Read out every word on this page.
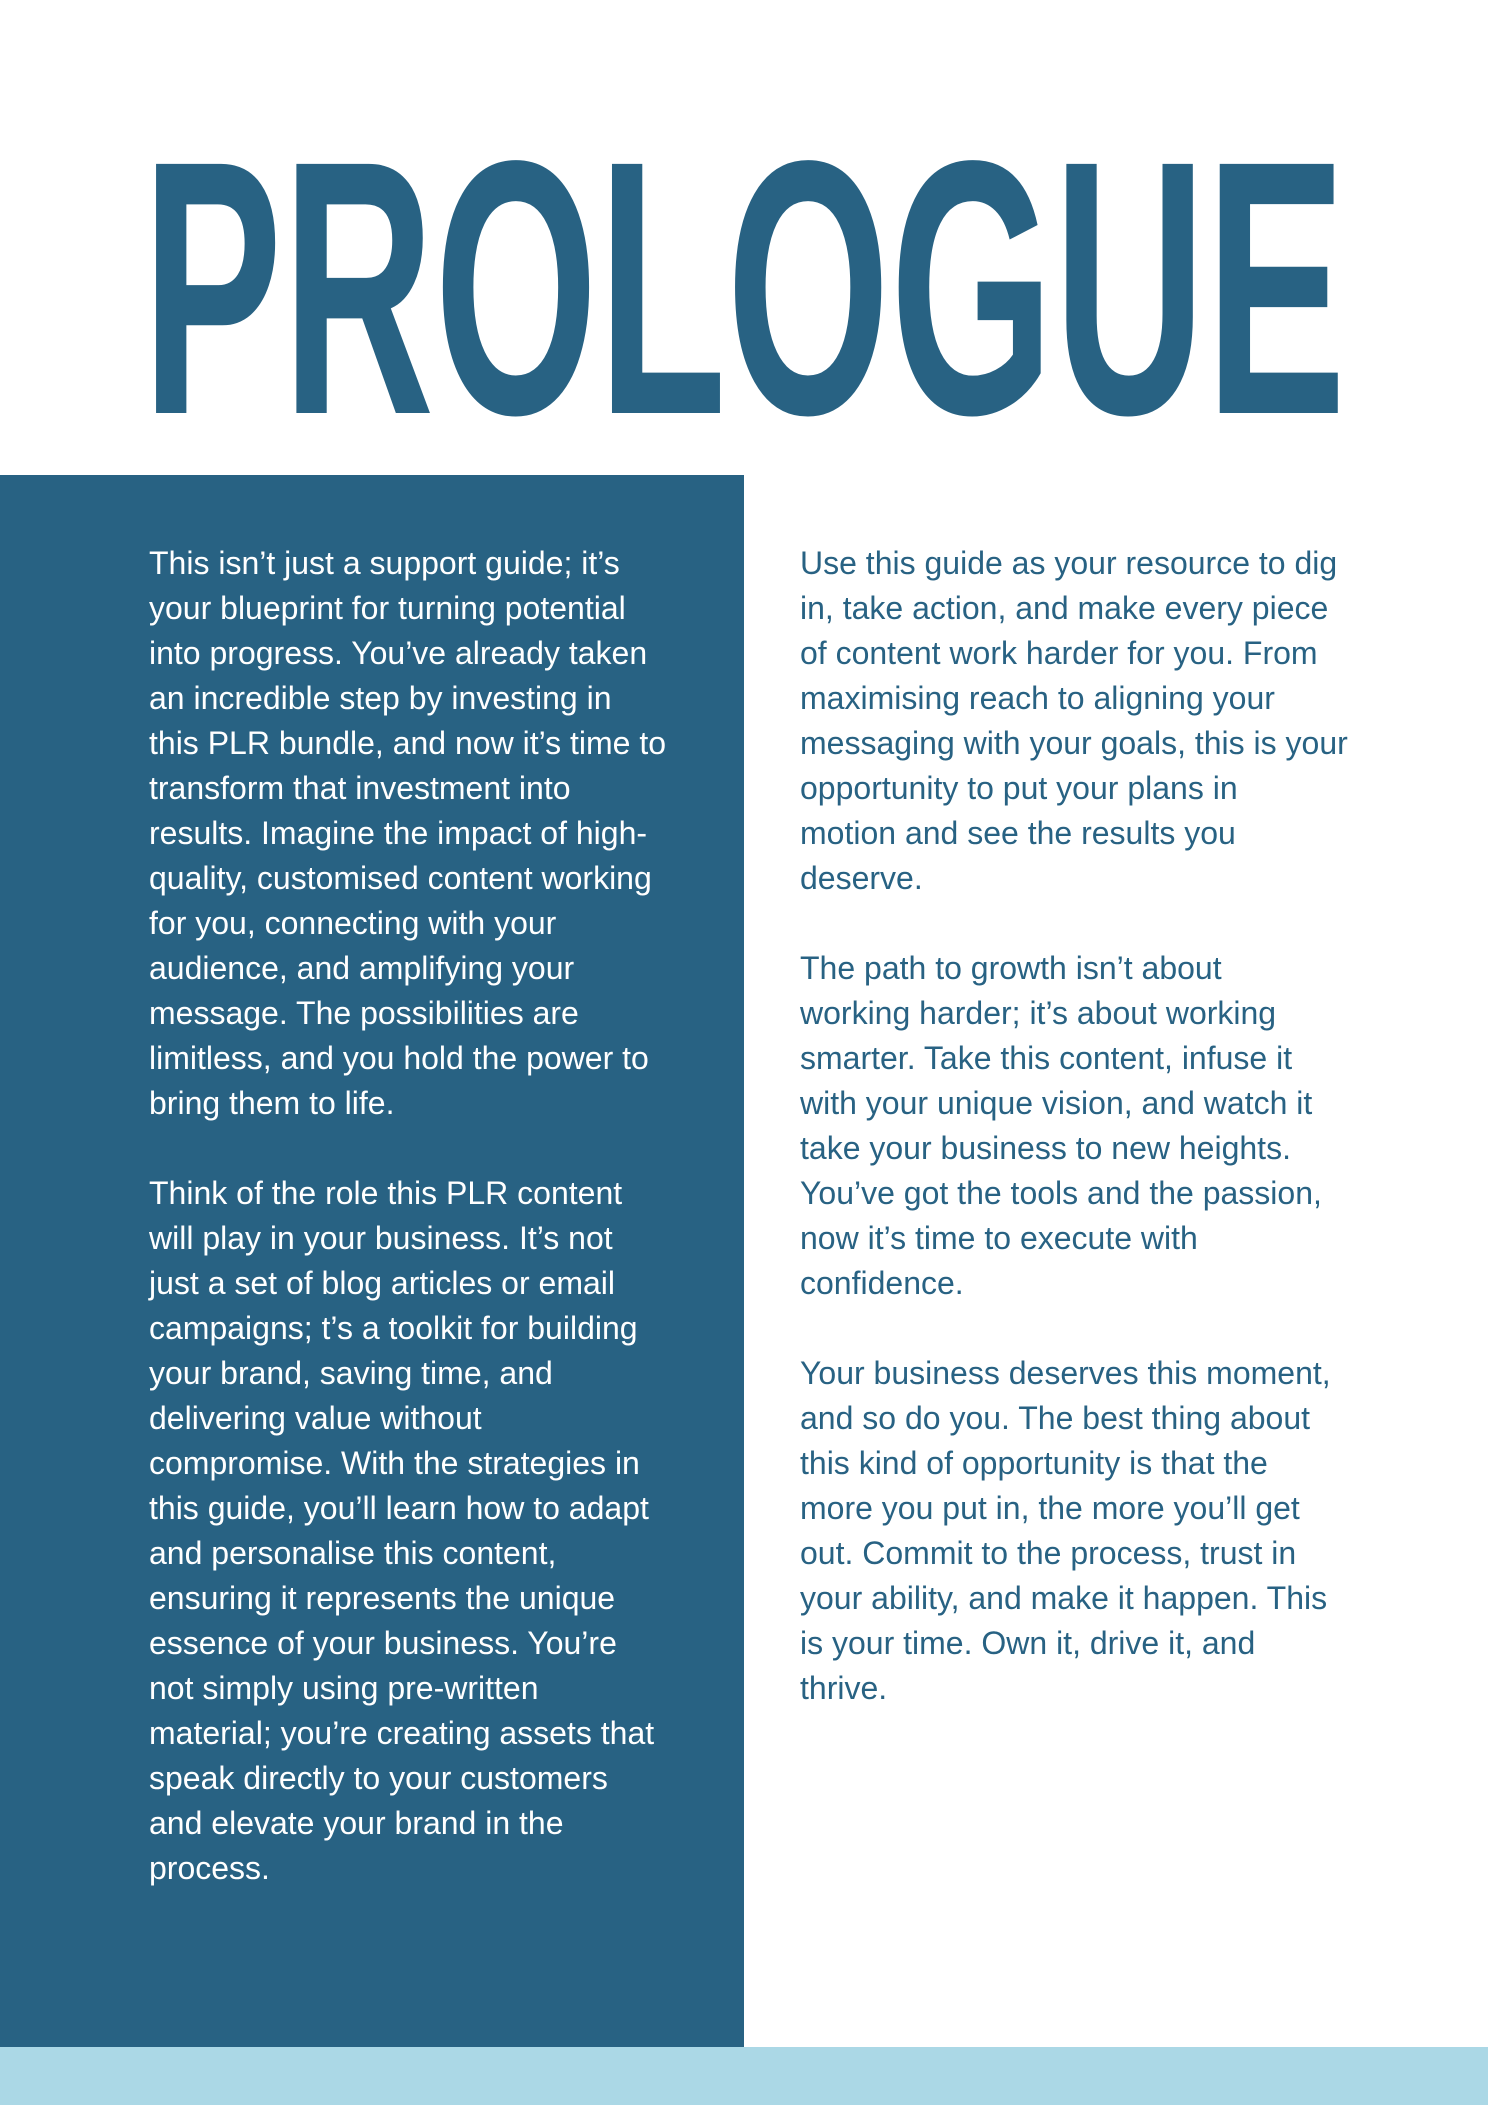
PROLOGUE

This isn’t just a support guide; it’s
your blueprint for turning potential
into progress. You’ve already taken
an incredible step by investing in
this PLR bundle, and now it’s time to
transform that investment into
results. Imagine the impact of high-
quality, customised content working
for you, connecting with your
audience, and amplifying your
message. The possibilities are
limitless, and you hold the power to
bring them to life.

Think of the role this PLR content
will play in your business. It’s not
just a set of blog articles or email
campaigns; t’s a toolkit for building
your brand, saving time, and
delivering value without
compromise. With the strategies in
this guide, you’ll learn how to adapt
and personalise this content,
ensuring it represents the unique
essence of your business. You’re
not simply using pre-written
material; you’re creating assets that
speak directly to your customers
and elevate your brand in the
process.

Use this guide as your resource to dig
in, take action, and make every piece
of content work harder for you. From
maximising reach to aligning your
messaging with your goals, this is your
opportunity to put your plans in
motion and see the results you
deserve.

The path to growth isn’t about
working harder; it’s about working
smarter. Take this content, infuse it
with your unique vision, and watch it
take your business to new heights.
You’ve got the tools and the passion,
now it’s time to execute with
confidence.

Your business deserves this moment,
and so do you. The best thing about
this kind of opportunity is that the
more you put in, the more you’ll get
out. Commit to the process, trust in
your ability, and make it happen. This
is your time. Own it, drive it, and
thrive.
